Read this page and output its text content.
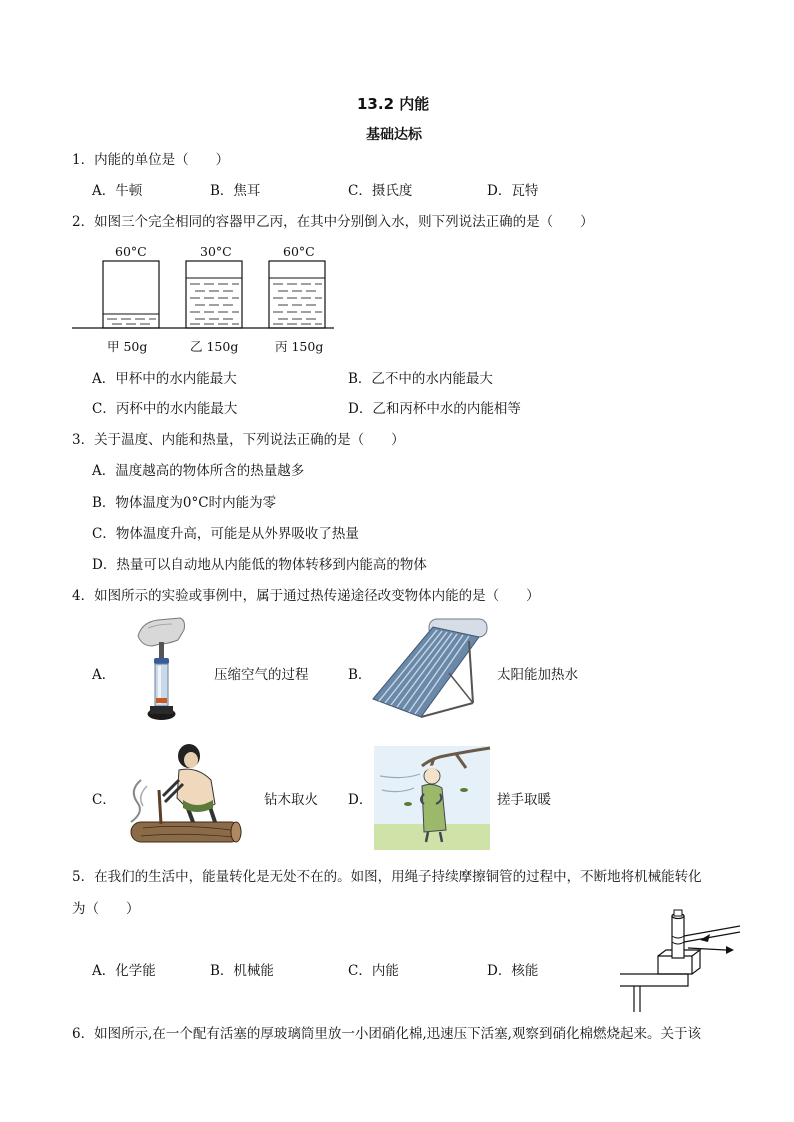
13.2 内能
基础达标
1．内能的单位是（　　）
A．牛顿	B．焦耳	C．摄氏度	D．瓦特
2．如图三个完全相同的容器甲乙丙，在其中分别倒入水，则下列说法正确的是（　　）
60°C	30°C	60°C
甲 50g	乙 150g	丙 150g
A．甲杯中的水内能最大	B．乙不中的水内能最大
C．丙杯中的水内能最大	D．乙和丙杯中水的内能相等
3．关于温度、内能和热量，下列说法正确的是（　　）
A．温度越高的物体所含的热量越多
B．物体温度为0°C时内能为零
C．物体温度升高，可能是从外界吸收了热量
D．热量可以自动地从内能低的物体转移到内能高的物体
4．如图所示的实验或事例中，属于通过热传递途径改变物体内能的是（　　）
A．	压缩空气的过程	B．	太阳能加热水
C．	钻木取火 D．	搓手取暖
5．在我们的生活中，能量转化是无处不在的。如图，用绳子持续摩擦铜管的过程中，不断地将机械能转化
为（　　）
A．化学能	B．机械能	C．内能	D．核能
6．如图所示,在一个配有活塞的厚玻璃筒里放一小团硝化棉,迅速压下活塞,观察到硝化棉燃烧起来。关于该
